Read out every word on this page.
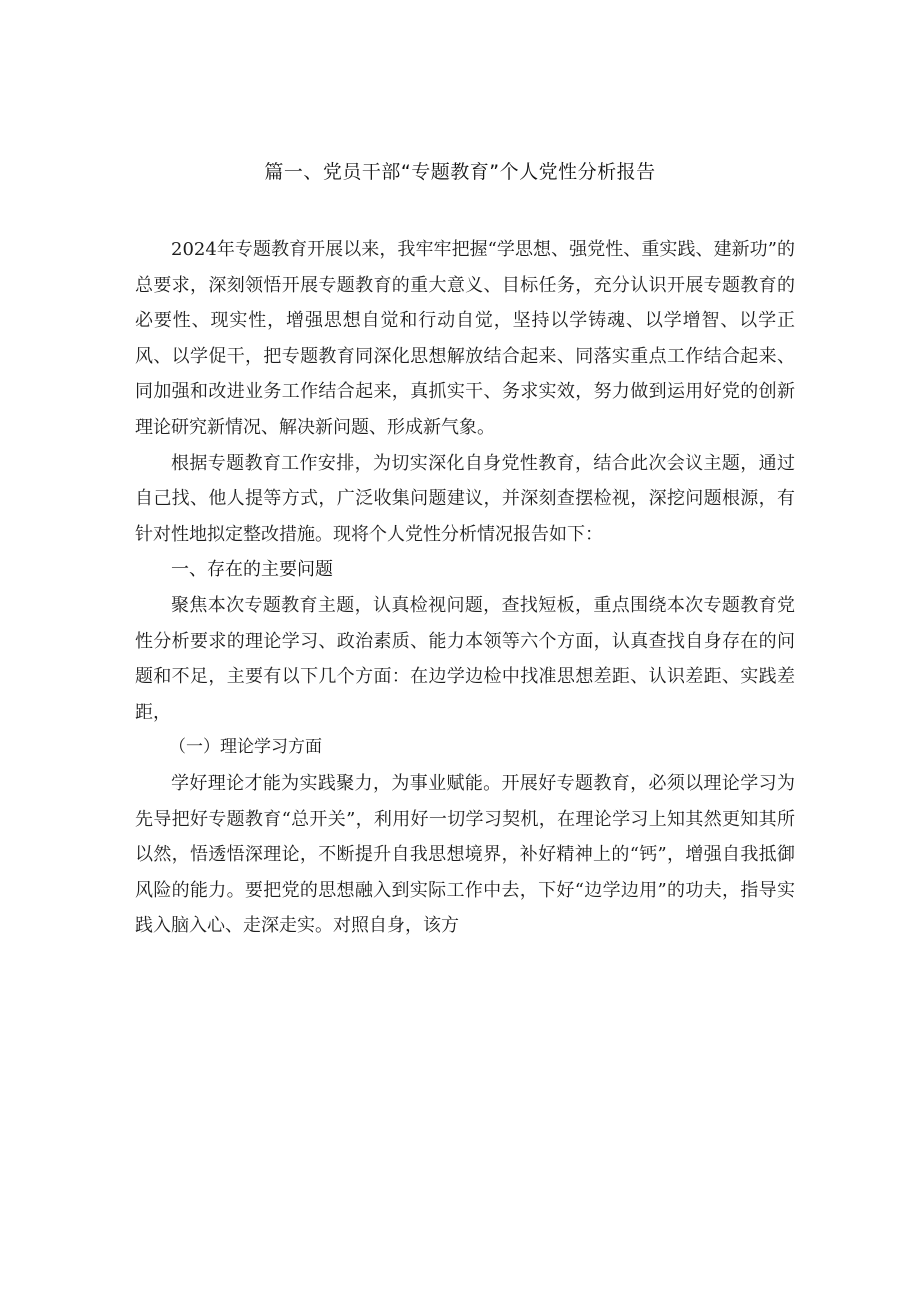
篇一、党员干部“专题教育”个人党性分析报告

2024年专题教育开展以来，我牢牢把握“学思想、强党性、重实践、建新功”的总要求，深刻领悟开展专题教育的重大意义、目标任务，充分认识开展专题教育的必要性、现实性，增强思想自觉和行动自觉，坚持以学铸魂、以学增智、以学正风、以学促干，把专题教育同深化思想解放结合起来、同落实重点工作结合起来、同加强和改进业务工作结合起来，真抓实干、务求实效，努力做到运用好党的创新理论研究新情况、解决新问题、形成新气象。

根据专题教育工作安排，为切实深化自身党性教育，结合此次会议主题，通过自己找、他人提等方式，广泛收集问题建议，并深刻查摆检视，深挖问题根源，有针对性地拟定整改措施。现将个人党性分析情况报告如下：

一、存在的主要问题

聚焦本次专题教育主题，认真检视问题，查找短板，重点围绕本次专题教育党性分析要求的理论学习、政治素质、能力本领等六个方面，认真查找自身存在的问题和不足，主要有以下几个方面：在边学边检中找准思想差距、认识差距、实践差距，

（一）理论学习方面

学好理论才能为实践聚力，为事业赋能。开展好专题教育，必须以理论学习为先导把好专题教育“总开关”，利用好一切学习契机，在理论学习上知其然更知其所以然，悟透悟深理论，不断提升自我思想境界，补好精神上的“钙”，增强自我抵御风险的能力。要把党的思想融入到实际工作中去，下好“边学边用”的功夫，指导实践入脑入心、走深走实。对照自身，该方
